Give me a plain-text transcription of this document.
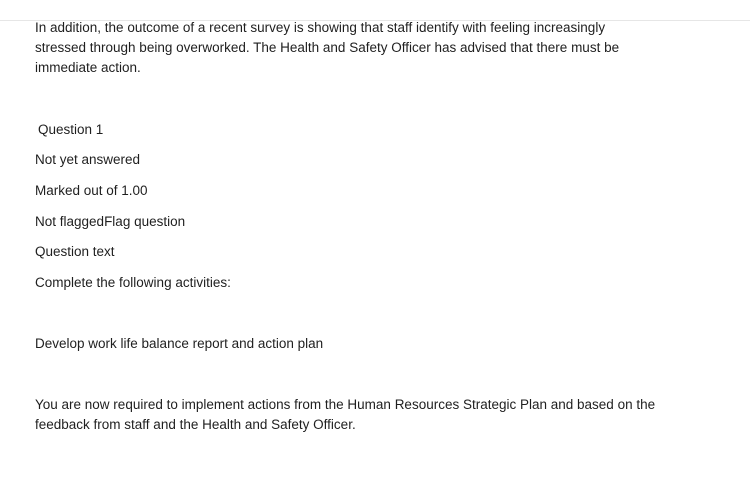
In addition, the outcome of a recent survey is showing that staff identify with feeling increasingly
stressed through being overworked. The Health and Safety Officer has advised that there must be
immediate action.

Question 1

Not yet answered

Marked out of 1.00

Not flaggedFlag question

Question text

Complete the following activities:

Develop work life balance report and action plan

You are now required to implement actions from the Human Resources Strategic Plan and based on the
feedback from staff and the Health and Safety Officer.
